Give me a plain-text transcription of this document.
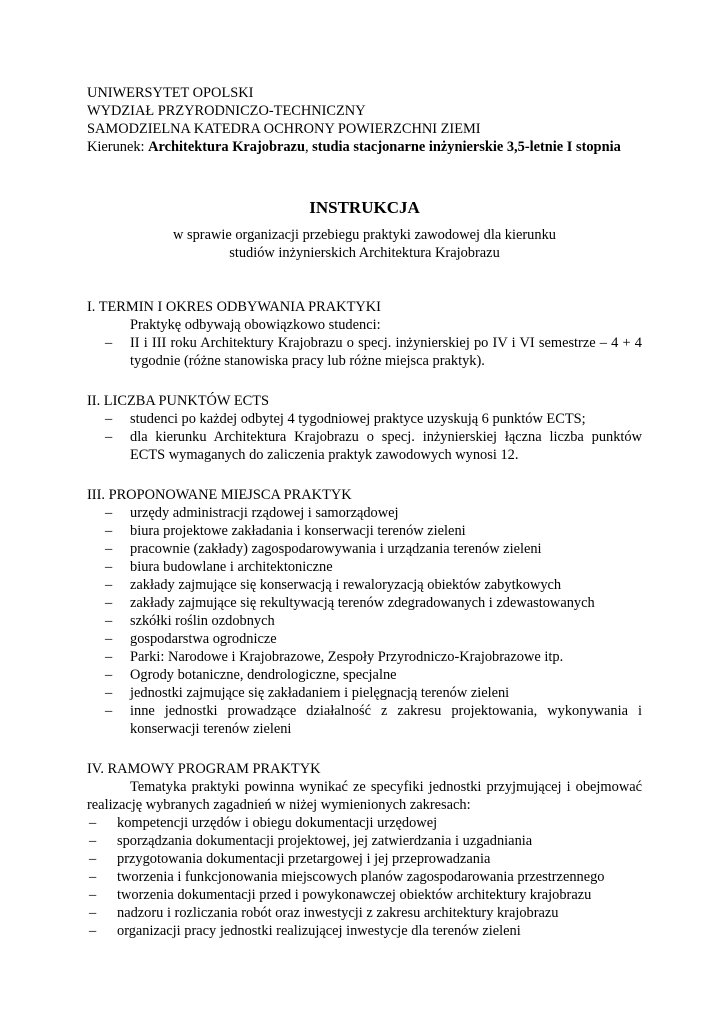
UNIWERSYTET OPOLSKI
WYDZIAŁ PRZYRODNICZO-TECHNICZNY
SAMODZIELNA KATEDRA OCHRONY POWIERZCHNI ZIEMI
Kierunek: Architektura Krajobrazu, studia stacjonarne inżynierskie 3,5-letnie I stopnia
INSTRUKCJA
w sprawie organizacji przebiegu praktyki zawodowej dla kierunku
studiów inżynierskich Architektura Krajobrazu
I. TERMIN I OKRES ODBYWANIA PRAKTYKI
Praktykę odbywają obowiązkowo studenci:
– II i III roku Architektury Krajobrazu o specj. inżynierskiej po IV i VI semestrze – 4 + 4 tygodnie (różne stanowiska pracy lub różne miejsca praktyk).
II. LICZBA PUNKTÓW ECTS
– studenci po każdej odbytej 4 tygodniowej praktyce uzyskują 6 punktów ECTS;
– dla kierunku Architektura Krajobrazu o specj. inżynierskiej łączna liczba punktów ECTS wymaganych do zaliczenia praktyk zawodowych wynosi 12.
III. PROPONOWANE MIEJSCA PRAKTYK
– urzędy administracji rządowej i samorządowej
– biura projektowe zakładania i konserwacji terenów zieleni
– pracownie (zakłady) zagospodarowywania i urządzania terenów zieleni
– biura budowlane i architektoniczne
– zakłady zajmujące się konserwacją i rewaloryzacją obiektów zabytkowych
– zakłady zajmujące się rekultywacją terenów zdegradowanych i zdewastowanych
– szkółki roślin ozdobnych
– gospodarstwa ogrodnicze
– Parki: Narodowe i Krajobrazowe, Zespoły Przyrodniczo-Krajobrazowe itp.
– Ogrody botaniczne, dendrologiczne, specjalne
– jednostki zajmujące się zakładaniem i pielęgnacją terenów zieleni
– inne jednostki prowadzące działalność z zakresu projektowania, wykonywania i konserwacji terenów zieleni
IV. RAMOWY PROGRAM PRAKTYK
Tematyka praktyki powinna wynikać ze specyfiki jednostki przyjmującej i obejmować realizację wybranych zagadnień w niżej wymienionych zakresach:
– kompetencji urzędów i obiegu dokumentacji urzędowej
– sporządzania dokumentacji projektowej, jej zatwierdzania i uzgadniania
– przygotowania dokumentacji przetargowej i jej przeprowadzania
– tworzenia i funkcjonowania miejscowych planów zagospodarowania przestrzennego
– tworzenia dokumentacji przed i powykonawczej obiektów architektury krajobrazu
– nadzoru i rozliczania robót oraz inwestycji z zakresu architektury krajobrazu
– organizacji pracy jednostki realizującej inwestycje dla terenów zieleni
